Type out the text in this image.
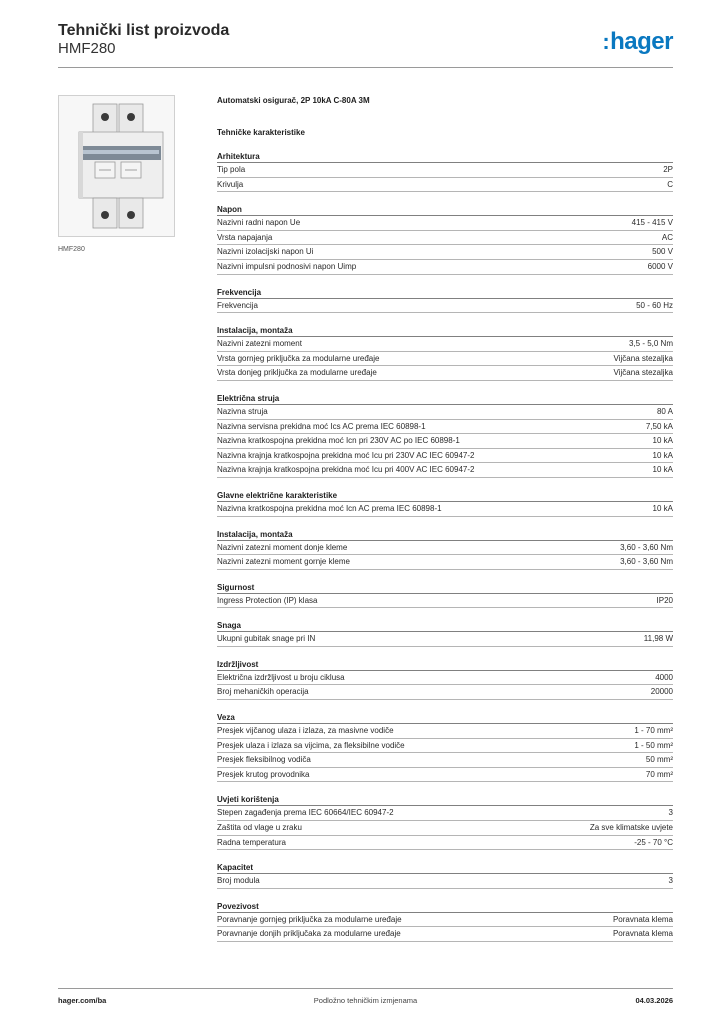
Tehnički list proizvoda
HMF280	:hager
HMF280
Automatski osigurač, 2P 10kA C-80A 3M
Tehničke karakteristike
Arhitektura
Tip pola	2P
Krivulja	C
Napon
Nazivni radni napon Ue	415 - 415 V
Vrsta napajanja	AC
Nazivni izolacijski napon Ui	500 V
Nazivni impulsni podnosivi napon Uimp	6000 V
Frekvencija
Frekvencija	50 - 60 Hz
Instalacija, montaža
Nazivni zatezni moment	3,5 - 5,0 Nm
Vrsta gornjeg priključka za modularne uređaje	Vijčana stezaljka
Vrsta donjeg priključka za modularne uređaje	Vijčana stezaljka
Električna struja
Nazivna struja	80 A
Nazivna servisna prekidna moć Ics AC prema IEC 60898-1	7,50 kA
Nazivna kratkospojna prekidna moć Icn pri 230V AC po IEC 60898-1	10 kA
Nazivna krajnja kratkospojna prekidna moć Icu pri 230V AC IEC 60947-2	10 kA
Nazivna krajnja kratkospojna prekidna moć Icu pri 400V AC IEC 60947-2	10 kA
Glavne električne karakteristike
Nazivna kratkospojna prekidna moć Icn AC prema IEC 60898-1	10 kA
Instalacija, montaža
Nazivni zatezni moment donje kleme	3,60 - 3,60 Nm
Nazivni zatezni moment gornje kleme	3,60 - 3,60 Nm
Sigurnost
Ingress Protection (IP) klasa	IP20
Snaga
Ukupni gubitak snage pri IN	11,98 W
Izdržljivost
Električna izdržljivost u broju ciklusa	4000
Broj mehaničkih operacija	20000
Veza
Presjek vijčanog ulaza i izlaza, za masivne vodiče	1 - 70 mm²
Presjek ulaza i izlaza sa vijcima, za fleksibilne vodiče	1 - 50 mm²
Presjek fleksibilnog vodiča	50 mm²
Presjek krutog provodnika	70 mm²
Uvjeti korištenja
Stepen zagađenja prema IEC 60664/IEC 60947-2	3
Zaštita od vlage u zraku	Za sve klimatske uvjete
Radna temperatura	-25 - 70 °C
Kapacitet
Broj modula	3
Povezivost
Poravnanje gornjeg priključka za modularne uređaje	Poravnata klema
Poravnanje donjih priključaka za modularne uređaje	Poravnata klema
hager.com/ba	Podložno tehničkim izmjenama	04.03.2026
